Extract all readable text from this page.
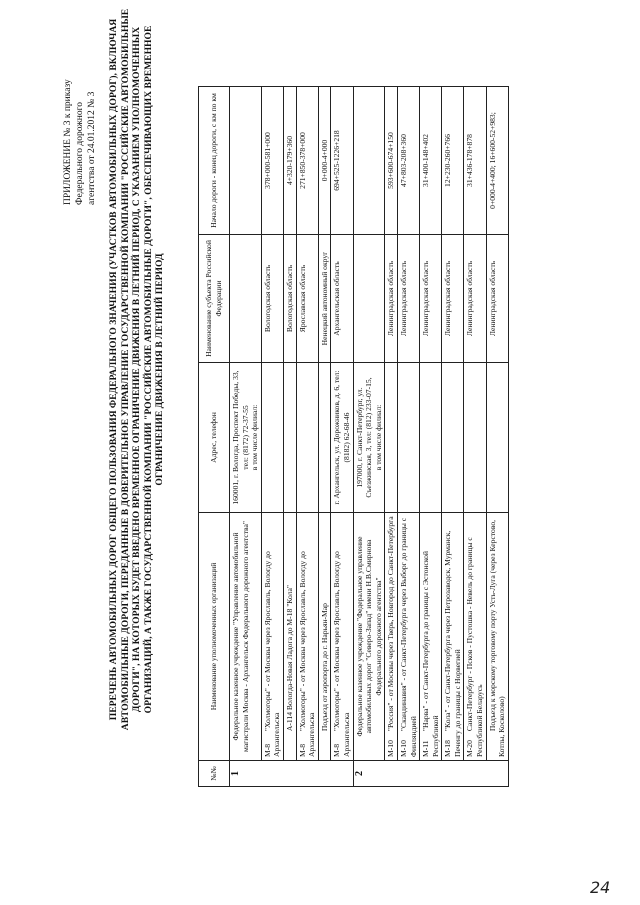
ПРИЛОЖЕНИЕ № 3 к приказу Федерального дорожного агентства от 24.01.2012 № 3 ПЕРЕЧЕНЬ АВТОМОБИЛЬНЫХ ДОРОГ ОБЩЕГО ПОЛЬЗОВАНИЯ ФЕДЕРАЛЬНОГО ЗНАЧЕНИЯ (УЧАСТКОВ АВТОМОБИЛЬНЫХ ДОРОГ), ВКЛЮЧАЯ АВТОМОБИЛЬНЫЕ ДОРОГИ, ПЕРЕДАННЫЕ В ДОВЕРИТЕЛЬНОЕ УПРАВЛЕНИЕ ГОСУДАРСТВЕННОЙ КОМПАНИИ "РОССИЙСКИЕ АВТОМОБИЛЬНЫЕ ДОРОГИ", НА КОТОРЫХ БУДЕТ ВВЕДЕНО ВРЕМЕННОЕ ОГРАНИЧЕНИЕ ДВИЖЕНИЯ В ЛЕТНИЙ ПЕРИОД, С УКАЗАНИЕМ УПОЛНОМОЧЕННЫХ ОРГАНИЗАЦИЙ, А ТАКЖЕ ГОСУДАРСТВЕННОЙ КОМПАНИИ "РОССИЙСКИЕ АВТОМОБИЛЬНЫЕ ДОРОГИ", ОБЕСПЕЧИВАЮЩИХ ВРЕМЕННОЕ ОГРАНИЧЕНИЕ ДВИЖЕНИЯ В ЛЕТНИЙ ПЕРИОД
№№	Наименование уполномоченных организаций	Адрес, телефон	Наименование субъекта Российской Федерации	Начало дороги - конец дороги, с км по км
1	Федеральное казенное учреждение "Управление автомобильной магистрали Москва - Архангельск Федерального дорожного агентства"	160001, г. Вологда, Проспект Победы, 33, тел: (8172) 72-37-55 в том числе филиал:		

	М-8 "Холмогоры" - от Москвы через Ярославль, Вологду до Архангельска		Вологодская область	378+000-581+000
	А-114 Вологда-Новая Ладога до М-18 "Кола"		Вологодская область	4+320-179+360
	М-8 "Холмогоры" - от Москвы через Ярославль, Вологду до Архангельска		Ярославская область	271+850-378+000
	Подъезд от аэропорта до г. Нарьян-Мар		Ненецкий автономный округ	0+000-4+000
	М-8 "Холмогоры" - от Москвы через Ярославль, Вологду до Архангельска	г. Архангельск, ул. Дорожников, д. 6, тел:(8182) 62-68-46	Архангельская область	694+525-1226+218
2	Федеральное казенное учреждение "Федеральное управление автомобильных дорог "Северо-Запад" имени Н.В.Смирнова Федерального дорожного агентства"	197000, г. Санкт-Петербург, ул. Съезжинская, 3, тел: (812) 233-07-15, в том числе филиал:		

	М-10 "Россия" - от Москвы через Тверь, Новгород до Санкт-Петербурга		Ленинградская область	593+600-674+150
	М-10 "Скандинавия" - от Санкт-Петербурга через Выборг до границы с Финляндией		Ленинградская область	47+803-208+360
	М-11 "Нарва" - от Санкт-Петербурга до границы с Эстонской Республикой		Ленинградская область	31+400-148+402
	М-18 "Кола" - от Санкт-Петербурга через Петрозаводск, Мурманск, Печенгу до границы с Норвегией		Ленинградская область	12+230-260+766
	М-20 Санкт-Петербург - Псков - Пустошка - Невель до границы с Республикой Беларусь		Ленинградская область	31+436-178+878
	Подъезд к морскому торговому порту Усть-Луга (через Керстово, Котлы, Косколово)		Ленинградская область	0+000-4+400; 16+600-52+983;
24
